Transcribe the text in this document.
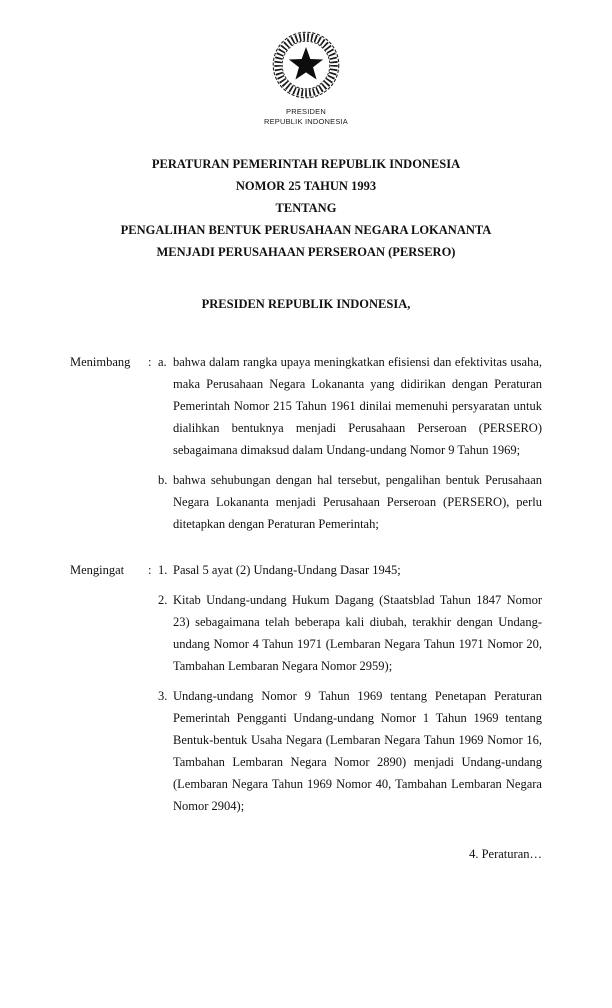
PRESIDEN
REPUBLIK INDONESIA
PERATURAN PEMERINTAH REPUBLIK INDONESIA
NOMOR 25 TAHUN 1993
TENTANG
PENGALIHAN BENTUK PERUSAHAAN NEGARA LOKANANTA
MENJADI PERUSAHAAN PERSEROAN (PERSERO)
PRESIDEN REPUBLIK INDONESIA,
Menimbang	: a. bahwa dalam rangka upaya meningkatkan efisiensi dan efektivitas usaha, maka Perusahaan Negara Lokananta yang didirikan dengan Peraturan Pemerintah Nomor 215 Tahun 1961 dinilai memenuhi persyaratan untuk dialihkan bentuknya menjadi Perusahaan Perseroan (PERSERO) sebagaimana dimaksud dalam Undang-undang Nomor 9 Tahun 1969;

b. bahwa sehubungan dengan hal tersebut, pengalihan bentuk Perusahaan Negara Lokananta menjadi Perusahaan Perseroan (PERSERO), perlu ditetapkan dengan Peraturan Pemerintah;

Mengingat	: 1. Pasal 5 ayat (2) Undang-Undang Dasar 1945;

2. Kitab Undang-undang Hukum Dagang (Staatsblad Tahun 1847 Nomor 23) sebagaimana telah beberapa kali diubah, terakhir dengan Undang-undang Nomor 4 Tahun 1971 (Lembaran Negara Tahun 1971 Nomor 20, Tambahan Lembaran Negara Nomor 2959);

3. Undang-undang Nomor 9 Tahun 1969 tentang Penetapan Peraturan Pemerintah Pengganti Undang-undang Nomor 1 Tahun 1969 tentang Bentuk-bentuk Usaha Negara (Lembaran Negara Tahun 1969 Nomor 16, Tambahan Lembaran Negara Nomor 2890) menjadi Undang-undang (Lembaran Negara Tahun 1969 Nomor 40, Tambahan Lembaran Negara Nomor 2904);

4. Peraturan…
